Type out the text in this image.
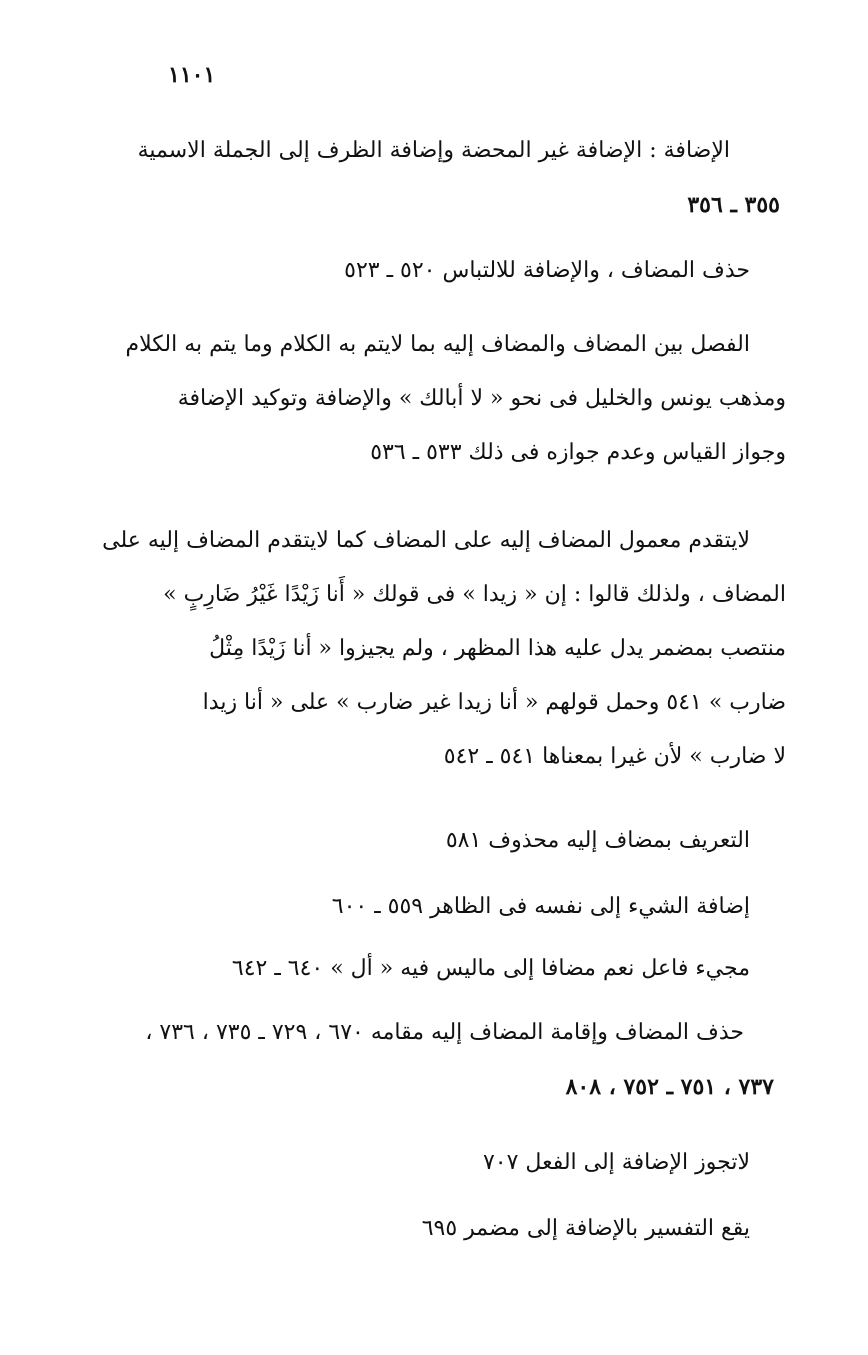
١١٠١
الإضافة : الإضافة غير المحضة وإضافة الظرف إلى الجملة الاسمية
٣٥٥ ـ ٣٥٦
حذف المضاف ، والإضافة للالتباس ٥٢٠ ـ ٥٢٣
الفصل بين المضاف والمضاف إليه بما لايتم به الكلام وما يتم به الكلام
ومذهب يونس والخليل فى نحو « لا أبالك » والإضافة وتوكيد الإضافة
وجواز القياس وعدم جوازه فى ذلك ٥٣٣ ـ ٥٣٦
لايتقدم معمول المضاف إليه على المضاف كما لايتقدم المضاف إليه على
المضاف ، ولذلك قالوا : إن « زيدا » فى قولك « أَنا زَيْدًا غَيْرُ ضَارِبٍ »
منتصب بمضمر يدل عليه هذا المظهر ، ولم يجيزوا « أنا زَيْدًا مِثْلُ
ضارب » ٥٤١ وحمل قولهم « أنا زيدا غير ضارب » على « أنا زيدا
لا ضارب » لأن غيرا بمعناها ٥٤١ ـ ٥٤٢
التعريف بمضاف إليه محذوف ٥٨١
إضافة الشيء إلى نفسه فى الظاهر ٥٥٩ ـ ٦٠٠
مجيء فاعل نعم مضافا إلى ماليس فيه « أل » ٦٤٠ ـ ٦٤٢
حذف المضاف وإقامة المضاف إليه مقامه ٦٧٠ ، ٧٢٩ ـ ٧٣٥ ، ٧٣٦ ،
٧٣٧ ، ٧٥١ ـ ٧٥٢ ، ٨٠٨
لاتجوز الإضافة إلى الفعل ٧٠٧
يقع التفسير بالإضافة إلى مضمر ٦٩٥
